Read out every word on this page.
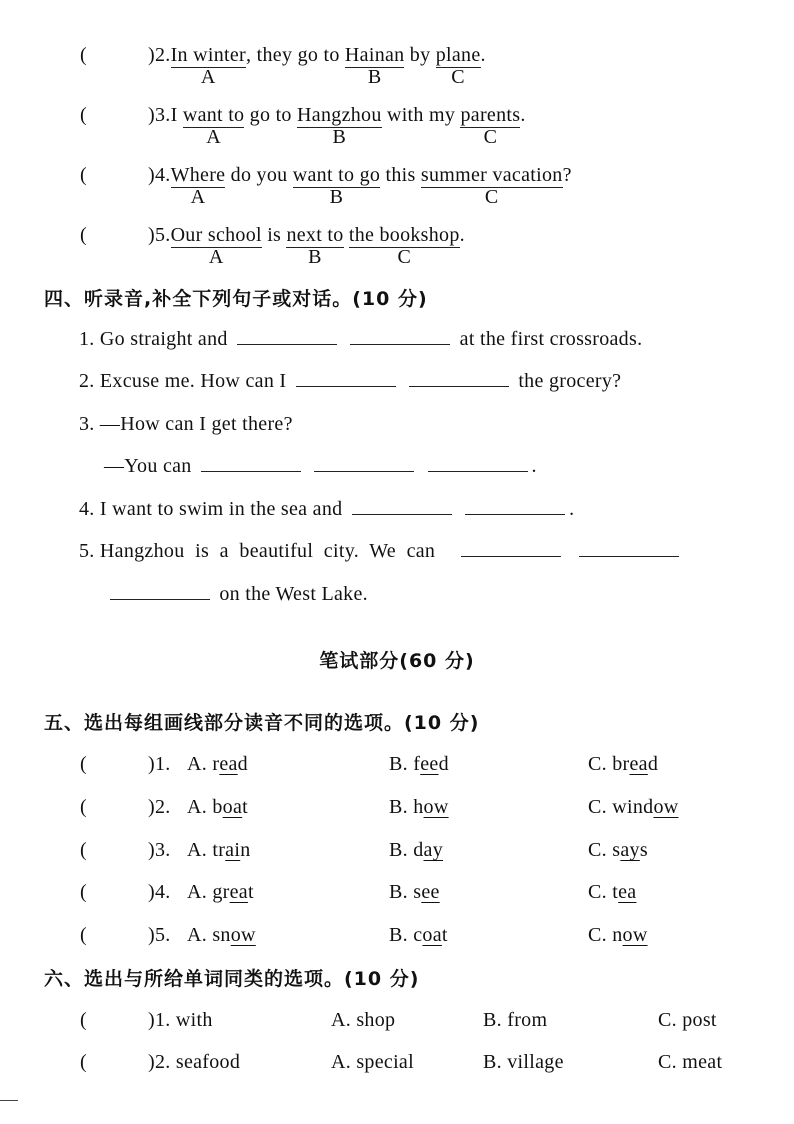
(	)2.In winter
A
, they go to Hainan
B
by plane
C
.
(	)3.I want to
A
go to Hangzhou
B
with my parents
C
.
(	)4.Where
A
do you want to go
B
this summer vacation
C
?
(	)5.Our school
A
is next to
B
the bookshop
C
.
四、听录音,补全下列句子或对话。(10 分)
1. Go straight and	at the first crossroads.
2. Excuse me. How can I	the grocery?
3. —How can I get there?
—You can	.
4. I want to swim in the sea and	.
5. Hangzhou  is  a  beautiful  city.  We  can
on the West Lake.
笔试部分(60 分)
五、选出每组画线部分读音不同的选项。(10 分)
(	)1. A. read	B. feed	C. bread
(	)2. A. boat	B. how	C. window
(	)3. A. train	B. day	C. says
(	)4. A. great	B. see	C. tea
(	)5. A. snow	B. coat	C. now
六、选出与所给单词同类的选项。(10 分)
(	)1. with	A. shop	B. from	C. post
(	)2. seafood	A. special	B. village	C. meat
